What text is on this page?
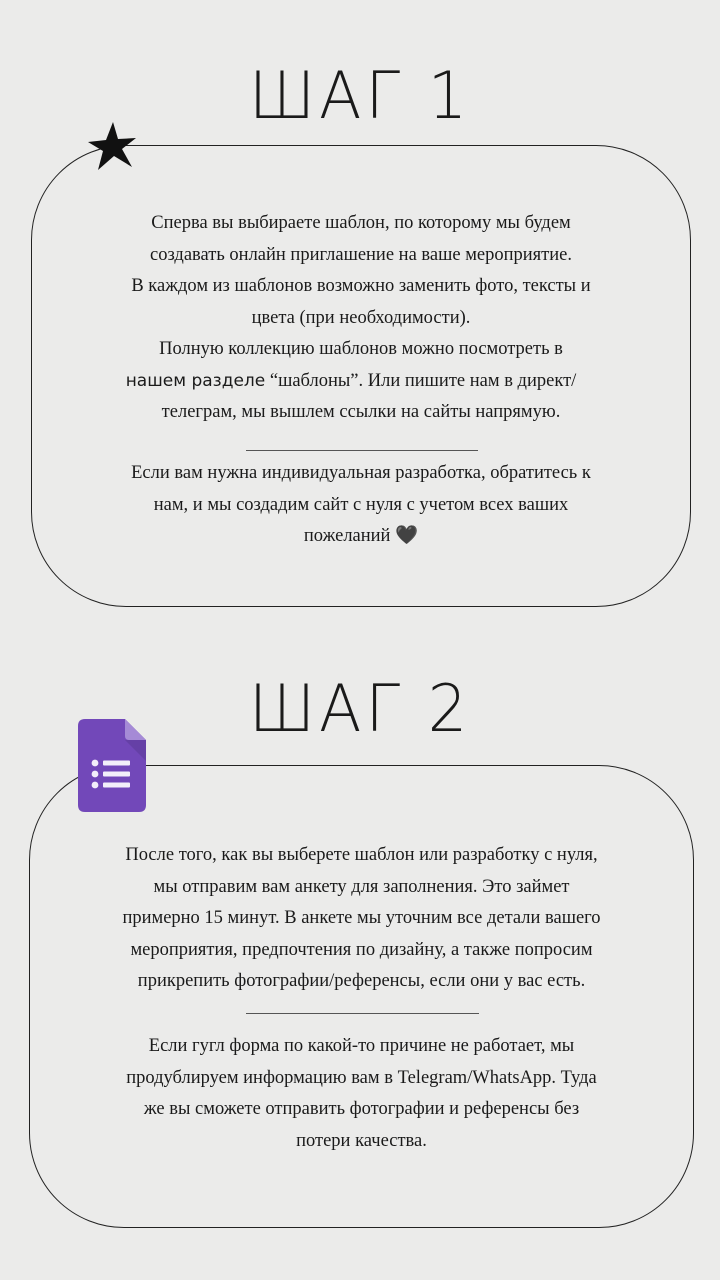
ШАГ 1
Сперва вы выбираете шаблон, по которому мы будем
создавать онлайн приглашение на ваше мероприятие.
В каждом из шаблонов возможно заменить фото, тексты и
цвета (при необходимости).
Полную коллекцию шаблонов можно посмотреть в
нашем разделе “шаблоны”. Или пишите нам в директ/
телеграм, мы вышлем ссылки на сайты напрямую.
Если вам нужна индивидуальная разработка, обратитесь к
нам, и мы создадим сайт с нуля с учетом всех ваших
пожеланий 🖤
ШАГ 2
После того, как вы выберете шаблон или разработку с нуля,
мы отправим вам анкету для заполнения. Это займет
примерно 15 минут. В анкете мы уточним все детали вашего
мероприятия, предпочтения по дизайну, а также попросим
прикрепить фотографии/референсы, если они у вас есть.
Если гугл форма по какой-то причине не работает, мы
продублируем информацию вам в Telegram/WhatsApp. Туда
же вы сможете отправить фотографии и референсы без
потери качества.
